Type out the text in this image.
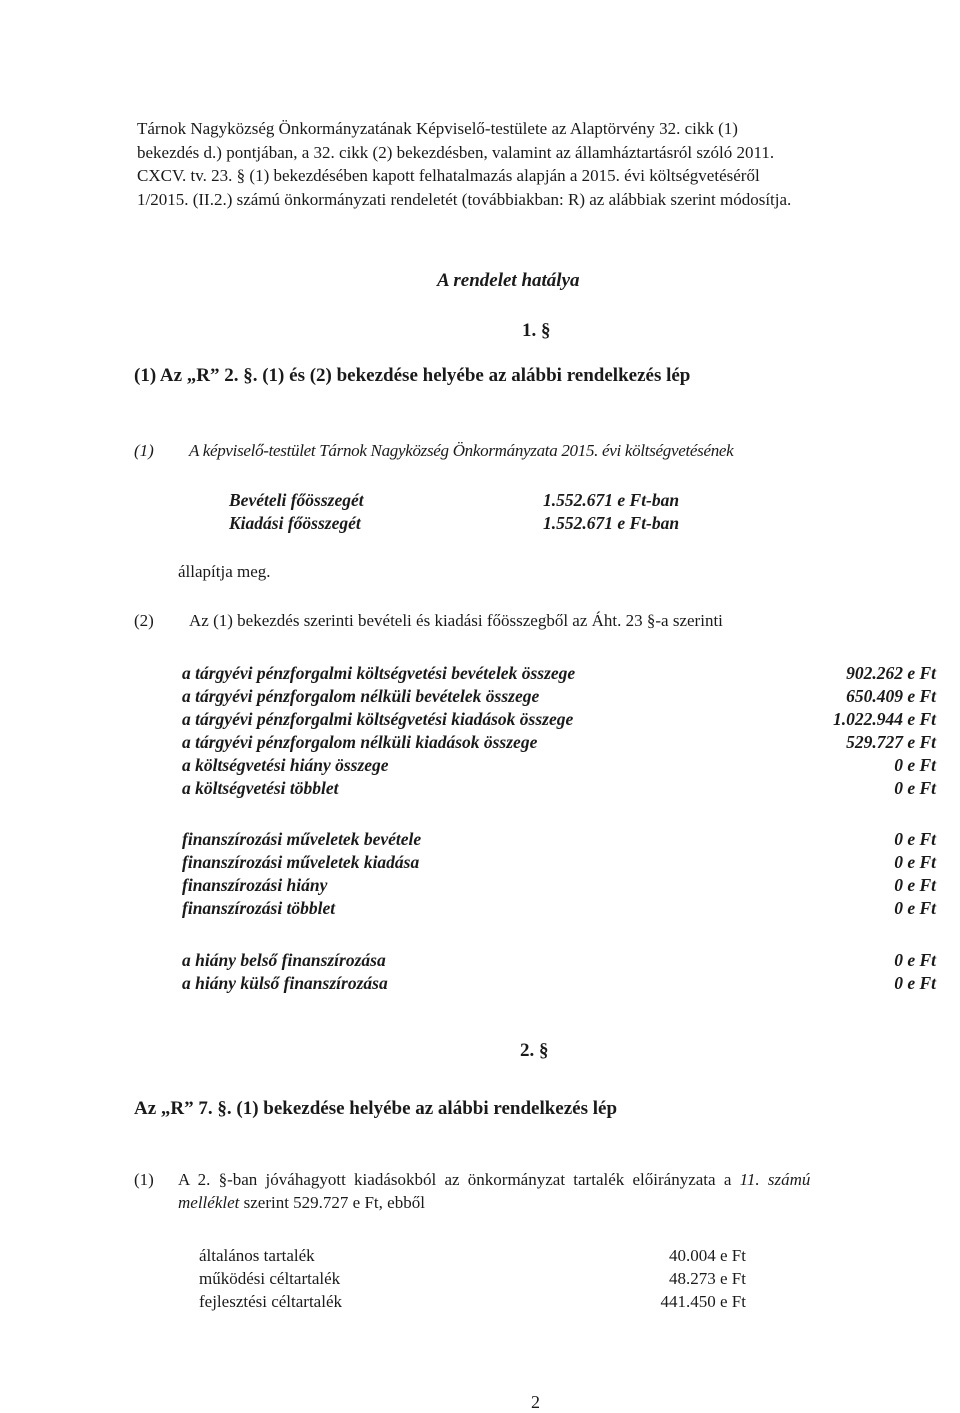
Tárnok Nagyközség Önkormányzatának Képviselő-testülete az Alaptörvény 32. cikk (1)
bekezdés d.) pontjában, a 32. cikk (2) bekezdésben, valamint az államháztartásról szóló 2011.
CXCV. tv. 23. § (1) bekezdésében kapott felhatalmazás alapján a 2015. évi költségvetéséről
1/2015. (II.2.) számú önkormányzati rendeletét (továbbiakban: R) az alábbiak szerint módosítja.
A rendelet hatálya
1. §
(1) Az „R” 2. §. (1) és (2) bekezdése helyébe az alábbi rendelkezés lép
(1) A képviselő-testület Tárnok Nagyközség Önkormányzata 2015. évi költségvetésének
Bevételi főösszegét	1.552.671 e Ft-ban
Kiadási főösszegét	1.552.671 e Ft-ban
állapítja meg.
(2) Az (1) bekezdés szerinti bevételi és kiadási főösszegből az Áht. 23 §-a szerinti
a tárgyévi pénzforgalmi költségvetési bevételek összege	902.262 e Ft
a tárgyévi pénzforgalom nélküli bevételek összege	650.409 e Ft
a tárgyévi pénzforgalmi költségvetési kiadások összege	1.022.944 e Ft
a tárgyévi pénzforgalom nélküli kiadások összege	529.727 e Ft
a költségvetési hiány összege	0 e Ft
a költségvetési többlet	0 e Ft
finanszírozási műveletek bevétele	0 e Ft
finanszírozási műveletek kiadása	0 e Ft
finanszírozási hiány	0 e Ft
finanszírozási többlet	0 e Ft
a hiány belső finanszírozása	0 e Ft
a hiány külső finanszírozása	0 e Ft
2. §
Az „R” 7. §. (1) bekezdése helyébe az alábbi rendelkezés lép
(1) A 2. §-ban jóváhagyott kiadásokból az önkormányzat tartalék előirányzata a 11. számú
melléklet szerint 529.727 e Ft, ebből
általános tartalék	40.004 e Ft
működési céltartalék	48.273 e Ft
fejlesztési céltartalék	441.450 e Ft
2
